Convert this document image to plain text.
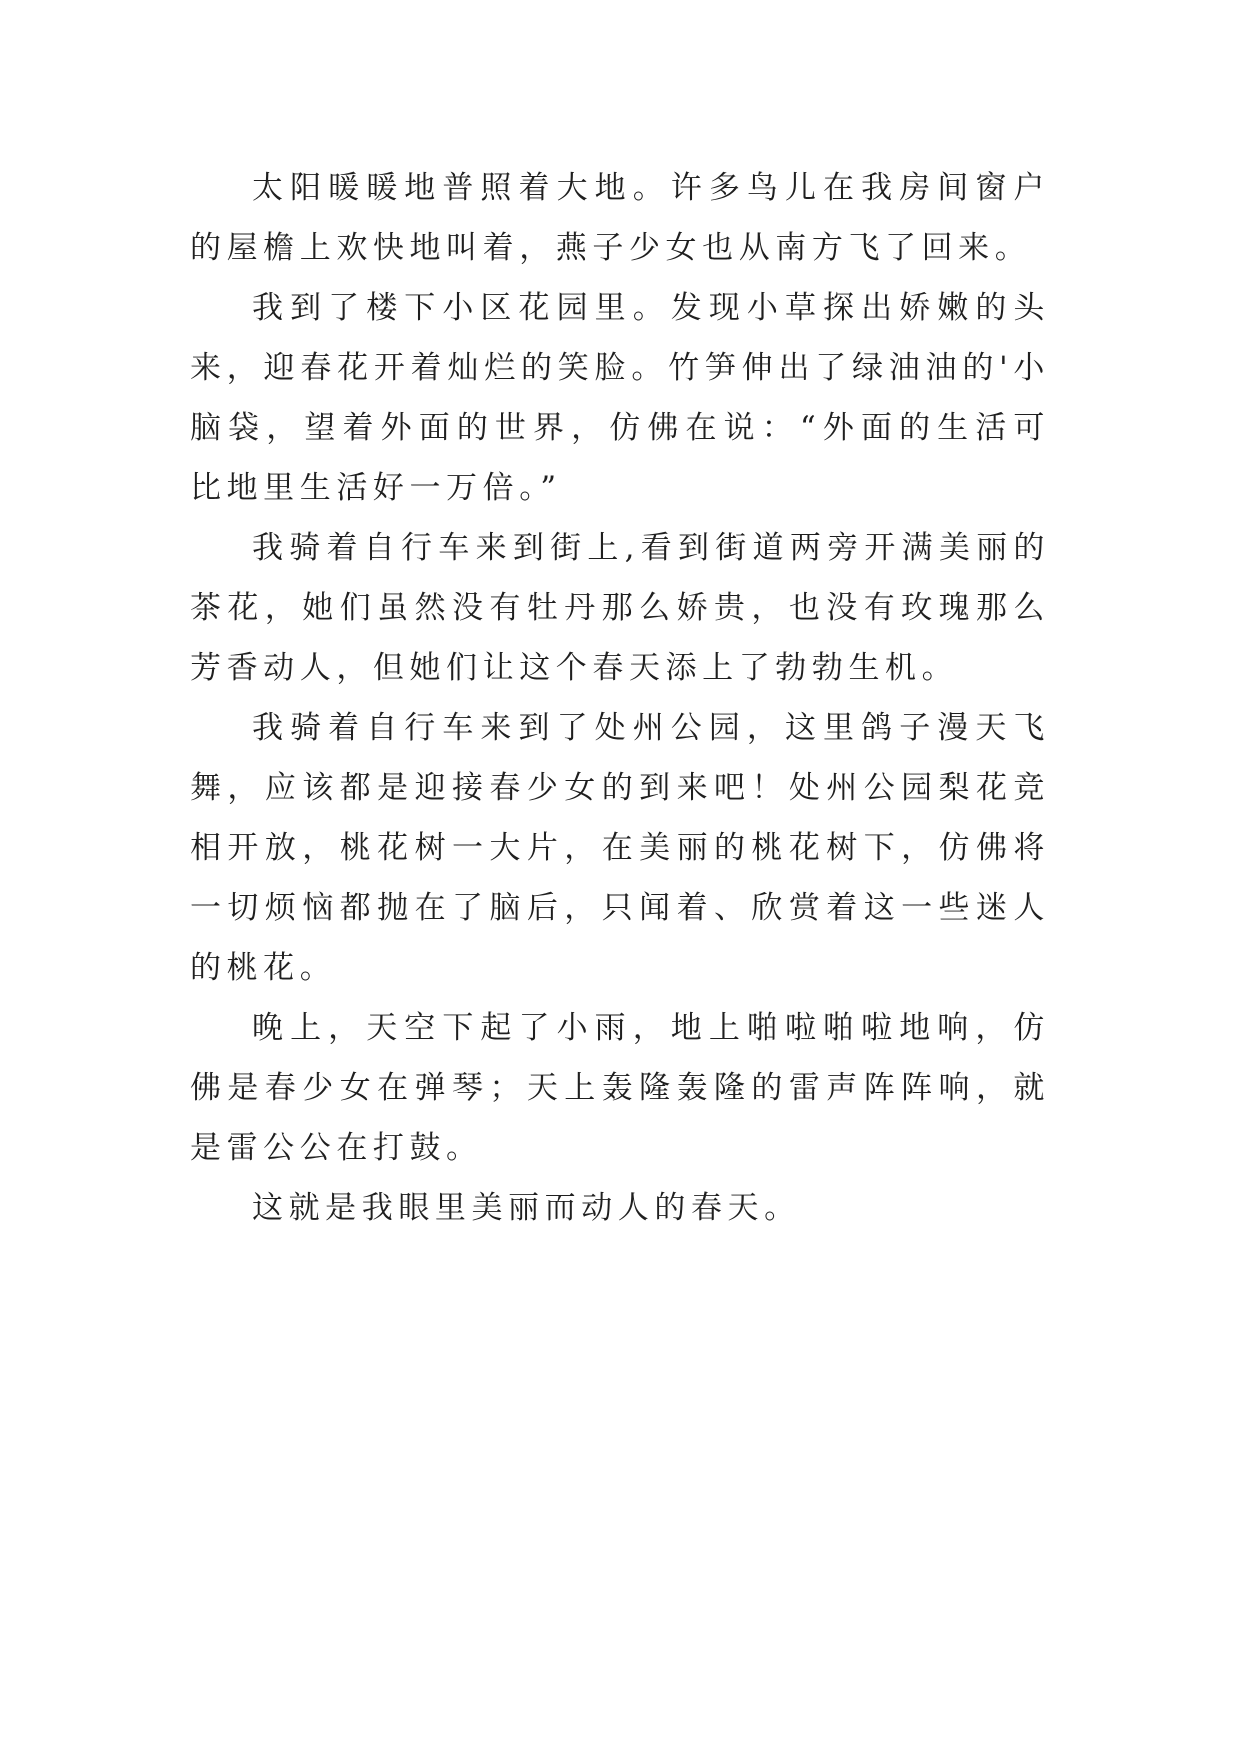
太阳暖暖地普照着大地。许多鸟儿在我房间窗户的屋檐上欢快地叫着，燕子少女也从南方飞了回来。

我到了楼下小区花园里。发现小草探出娇嫩的头来，迎春花开着灿烂的笑脸。竹笋伸出了绿油油的'小脑袋，望着外面的世界，仿佛在说：“外面的生活可比地里生活好一万倍。”

我骑着自行车来到街上,看到街道两旁开满美丽的茶花，她们虽然没有牡丹那么娇贵，也没有玫瑰那么芳香动人，但她们让这个春天添上了勃勃生机。

我骑着自行车来到了处州公园，这里鸽子漫天飞舞，应该都是迎接春少女的到来吧！处州公园梨花竞相开放，桃花树一大片，在美丽的桃花树下，仿佛将一切烦恼都抛在了脑后，只闻着、欣赏着这一些迷人的桃花。

晚上，天空下起了小雨，地上啪啦啪啦地响，仿佛是春少女在弹琴；天上轰隆轰隆的雷声阵阵响，就是雷公公在打鼓。

这就是我眼里美丽而动人的春天。
